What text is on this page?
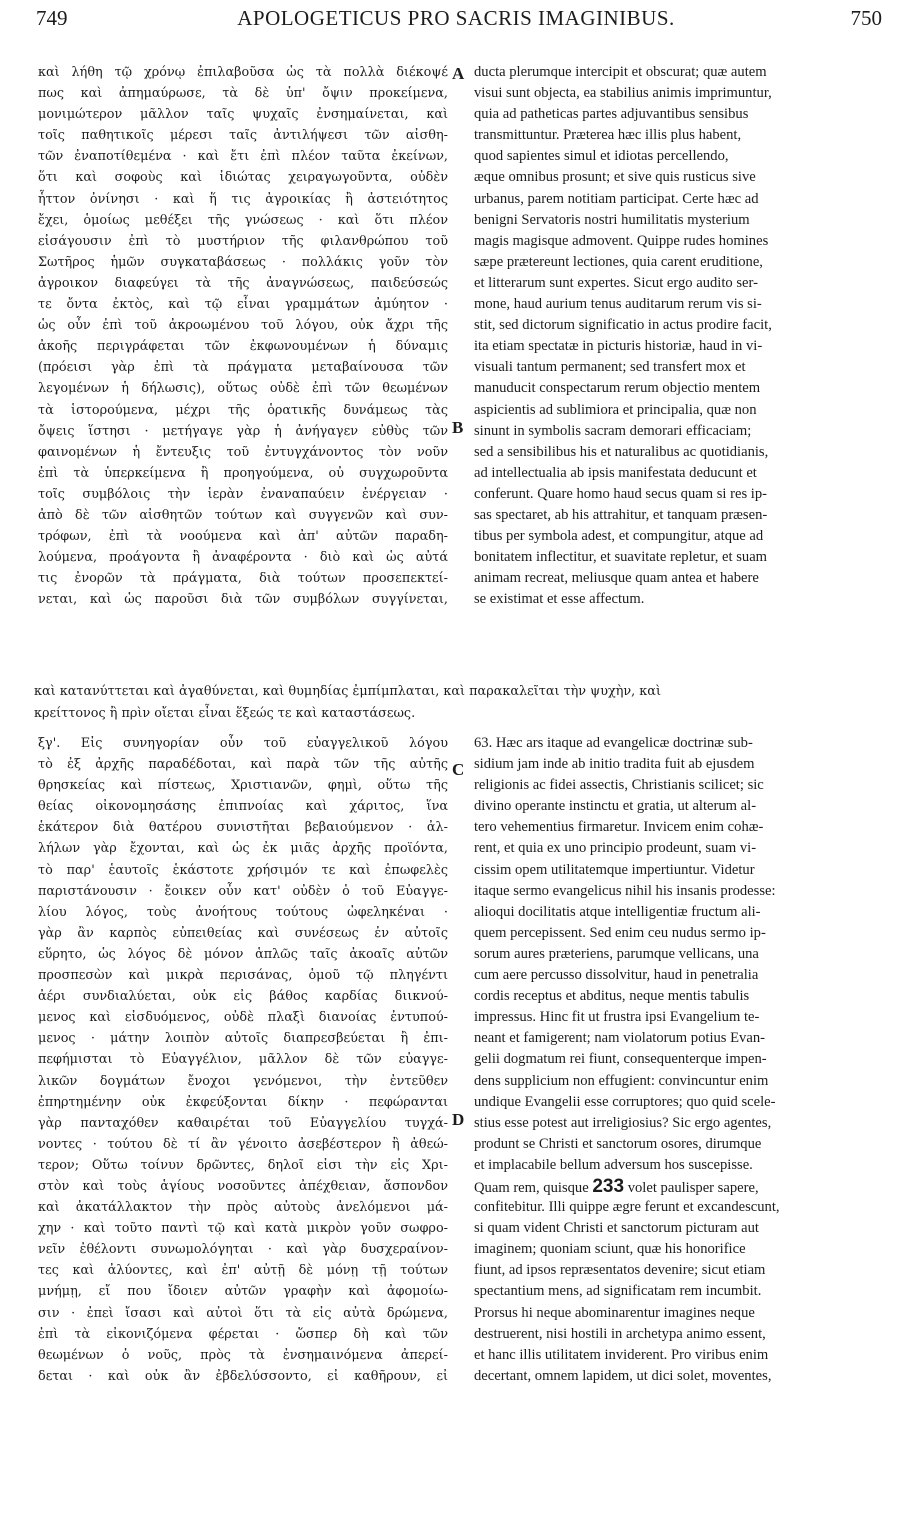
749	APOLOGETICUS PRO SACRIS IMAGINIBUS.	750
καὶ λήθη τῷ χρόνῳ ἐπιλαβοῦσα ὡς τὰ πολλὰ διέκοψέ
πως καὶ ἀπημαύρωσε, τὰ δὲ ὑπ' ὄψιν προκείμενα,
μονιμώτερον μᾶλλον ταῖς ψυχαῖς ἐνσημαίνεται, καὶ
τοῖς παθητικοῖς μέρεσι ταῖς ἀντιλήψεσι τῶν αἰσθη-
τῶν ἐναποτίθεμένα · καὶ ἔτι ἐπὶ πλέον ταῦτα ἐκείνων,
ὅτι καὶ σοφοὺς καὶ ἰδιώτας χειραγωγοῦντα, οὐδὲν
ἧττον ὀνίνησι · καὶ ἥ τις ἀγροικίας ἢ ἀστειότητος
ἔχει, ὁμοίως μεθέξει τῆς γνώσεως · καὶ ὅτι πλέον
εἰσάγουσιν ἐπὶ τὸ μυστήριον τῆς φιλανθρώπου τοῦ
Σωτῆρος ἡμῶν συγκαταβάσεως · πολλάκις γοῦν τὸν
ἀγροικον διαφεύγει τὰ τῆς ἀναγνώσεως, παιδεύσεώς
τε ὄντα ἐκτὸς, καὶ τῷ εἶναι γραμμάτων ἀμύητον ·
ὡς οὖν ἐπὶ τοῦ ἀκροωμένου τοῦ λόγου, οὐκ ἄχρι τῆς
ἀκοῆς περιγράφεται τῶν ἐκφωνουμένων ἡ δύναμις
(πρόεισι γὰρ ἐπὶ τὰ πράγματα μεταβαίνουσα τῶν
λεγομένων ἡ δήλωσις), οὕτως οὐδὲ ἐπὶ τῶν θεωμένων
τὰ ἱστορούμενα, μέχρι τῆς ὁρατικῆς δυνάμεως τὰς
ὄψεις ἵστησι · μετήγαγε γὰρ ἡ ἀνήγαγεν εὐθὺς τῶν
φαινομένων ἡ ἔντευξις τοῦ ἐντυγχάνοντος τὸν νοῦν
ἐπὶ τὰ ὑπερκείμενα ἢ προηγούμενα, οὐ συγχωροῦντα
τοῖς συμβόλοις τὴν ἱερὰν ἐναναπαύειν ἐνέργειαν ·
ἀπὸ δὲ τῶν αἰσθητῶν τούτων καὶ συγγενῶν καὶ συν-
τρόφων, ἐπὶ τὰ νοούμενα καὶ ἀπ' αὐτῶν παραδη-
λούμενα, προάγοντα ἢ ἀναφέροντα · διὸ καὶ ὡς αὐτά
τις ἐνορῶν τὰ πράγματα, διὰ τούτων προσεπεκτεί-
νεται, καὶ ὡς παροῦσι διὰ τῶν συμβόλων συγγίνεται,
ducta plerumque intercipit et obscurat; quæ autem
visui sunt objecta, ea stabilius animis imprimuntur,
quia ad patheticas partes adjuvantibus sensibus
transmittuntur. Præterea hæc illis plus habent,
quod sapientes simul et idiotas percellendo,
æque omnibus prosunt; et sive quis rusticus sive
urbanus, parem notitiam participat. Certe hæc ad
benigni Servatoris nostri humilitatis mysterium
magis magisque admovent. Quippe rudes homines
sæpe prætereunt lectiones, quia carent eruditione,
et litterarum sunt expertes. Sicut ergo audito ser-
mone, haud aurium tenus auditarum rerum vis si-
stit, sed dictorum significatio in actus prodire facit,
ita etiam spectatæ in picturis historiæ, haud in vi-
visuali tantum permanent; sed transfert mox et
manuducit conspectarum rerum objectio mentem
aspicientis ad sublimiora et principalia, quæ non
sinunt in symbolis sacram demorari efficaciam;
sed a sensibilibus his et naturalibus ac quotidianis,
ad intellectualia ab ipsis manifestata deducunt et
conferunt. Quare homo haud secus quam si res ip-
sas spectaret, ab his attrahitur, et tanquam præsen-
tibus per symbola adest, et compungitur, atque ad
bonitatem inflectitur, et suavitate repletur, et suam
animam recreat, meliusque quam antea et habere
se existimat et esse affectum.
καὶ κατανύττεται καὶ ἀγαθύνεται, καὶ θυμηδίας ἐμπίμπλαται, καὶ παρακαλεῖται τὴν ψυχὴν, καὶ
κρείττονος ἢ πρὶν οἴεται εἶναι ἕξεώς τε καὶ καταστάσεως.
ξγ'. Εἰς συνηγορίαν οὖν τοῦ εὐαγγελικοῦ λόγου
τὸ ἐξ ἀρχῆς παραδέδοται, καὶ παρὰ τῶν τῆς αὐτῆς
θρησκείας καὶ πίστεως, Χριστιανῶν, φημὶ, οὕτω τῆς
θείας οἰκονομησάσης ἐπιπνοίας καὶ χάριτος, ἵνα
ἑκάτερον διὰ θατέρου συνιστῆται βεβαιούμενον · ἀλ-
λήλων γὰρ ἔχονται, καὶ ὡς ἐκ μιᾶς ἀρχῆς προϊόντα,
τὸ παρ' ἑαυτοῖς ἑκάστοτε χρήσιμόν τε καὶ ἐπωφελὲς
παριστάνουσιν · ἔοικεν οὖν κατ' οὐδὲν ὁ τοῦ Εὐαγγε-
λίου λόγος, τοὺς ἀνοήτους τούτους ὠφεληκέναι ·
γὰρ ἂν καρπὸς εὐπειθείας καὶ συνέσεως ἐν αὐτοῖς
εὕρητο, ὡς λόγος δὲ μόνον ἁπλῶς ταῖς ἀκοαῖς αὐτῶν
προσπεσὼν καὶ μικρὰ περισάνας, ὁμοῦ τῷ πληγέντι
ἀέρι συνδιαλύεται, οὐκ εἰς βάθος καρδίας διικνού-
μενος καὶ εἰσδυόμενος, οὐδὲ πλαξὶ διανοίας ἐντυπού-
μενος · μάτην λοιπὸν αὐτοῖς διαπρεσβεύεται ἢ ἐπι-
πεφήμισται τὸ Εὐαγγέλιον, μᾶλλον δὲ τῶν εὐαγγε-
λικῶν δογμάτων ἔνοχοι γενόμενοι, τὴν ἐντεῦθεν
ἐπηρτημένην οὐκ ἐκφεύξονται δίκην · πεφώρανται
γὰρ πανταχόθεν καθαιρέται τοῦ Εὐαγγελίου τυγχά-
νοντες · τούτου δὲ τί ἂν γένοιτο ἀσεβέστερον ἢ ἀθεώ-
τερον; Οὕτω τοίνυν δρῶντες, δηλοῖ εἰσι τὴν εἰς Χρι-
στὸν καὶ τοὺς ἁγίους νοσοῦντες ἀπέχθειαν, ἄσπονδον
καὶ ἀκατάλλακτον τὴν πρὸς αὐτοὺς ἀνελόμενοι μά-
χην · καὶ τοῦτο παντὶ τῷ καὶ κατὰ μικρὸν γοῦν σωφρο-
νεῖν ἐθέλοντι συνωμολόγηται · καὶ γὰρ δυσχεραίνον-
τες καὶ ἀλύοντες, καὶ ἐπ' αὐτῇ δὲ μόνῃ τῇ τούτων
μνήμῃ, εἴ που ἴδοιεν αὐτῶν γραφὴν καὶ ἀφομοίω-
σιν · ἐπεὶ ἴσασι καὶ αὐτοὶ ὅτι τὰ εἰς αὐτὰ δρώμενα,
ἐπὶ τὰ εἰκονιζόμενα φέρεται · ὥσπερ δὴ καὶ τῶν
θεωμένων ὁ νοῦς, πρὸς τὰ ἐνσημαινόμενα ἀπερεί-
δεται · καὶ οὐκ ἂν ἐβδελύσσοντο, εἰ καθῆρουν, εἰ
63. Hæc ars itaque ad evangelicæ doctrinæ sub-
sidium jam inde ab initio tradita fuit ab ejusdem
religionis ac fidei assectis, Christianis scilicet; sic
divino operante instinctu et gratia, ut alterum al-
tero vehementius firmaretur. Invicem enim cohæ-
rent, et quia ex uno principio prodeunt, suam vi-
cissim opem utilitatemque impertiuntur. Videtur
itaque sermo evangelicus nihil his insanis prodesse:
alioqui docilitatis atque intelligentiæ fructum ali-
quem percepissent. Sed enim ceu nudus sermo ip-
sorum aures præteriens, parumque vellicans, una
cum aere percusso dissolvitur, haud in penetralia
cordis receptus et abditus, neque mentis tabulis
impressus. Hinc fit ut frustra ipsi Evangelium te-
neant et famigerent; nam violatorum potius Evan-
gelii dogmatum rei fiunt, consequenterque impen-
dens supplicium non effugient: convincuntur enim
undique Evangelii esse corruptores; quo quid scele-
stius esse potest aut irreligiosius? Sic ergo agentes,
produnt se Christi et sanctorum osores, dirumque
et implacabile bellum adversum hos suscepisse.
Quam rem, quisque 233 volet paulisper sapere,
confitebitur. Illi quippe ægre ferunt et excandescunt,
si quam vident Christi et sanctorum picturam aut
imaginem; quoniam sciunt, quæ his honorifice
fiunt, ad ipsos repræsentatos devenire; sicut etiam
spectantium mens, ad significatam rem incumbit.
Prorsus hi neque abominarentur imagines neque
destruerent, nisi hostili in archetypa animo essent,
et hanc illis utilitatem inviderent. Pro viribus enim
decertant, omnem lapidem, ut dici solet, moventes,
A
B
C
D
